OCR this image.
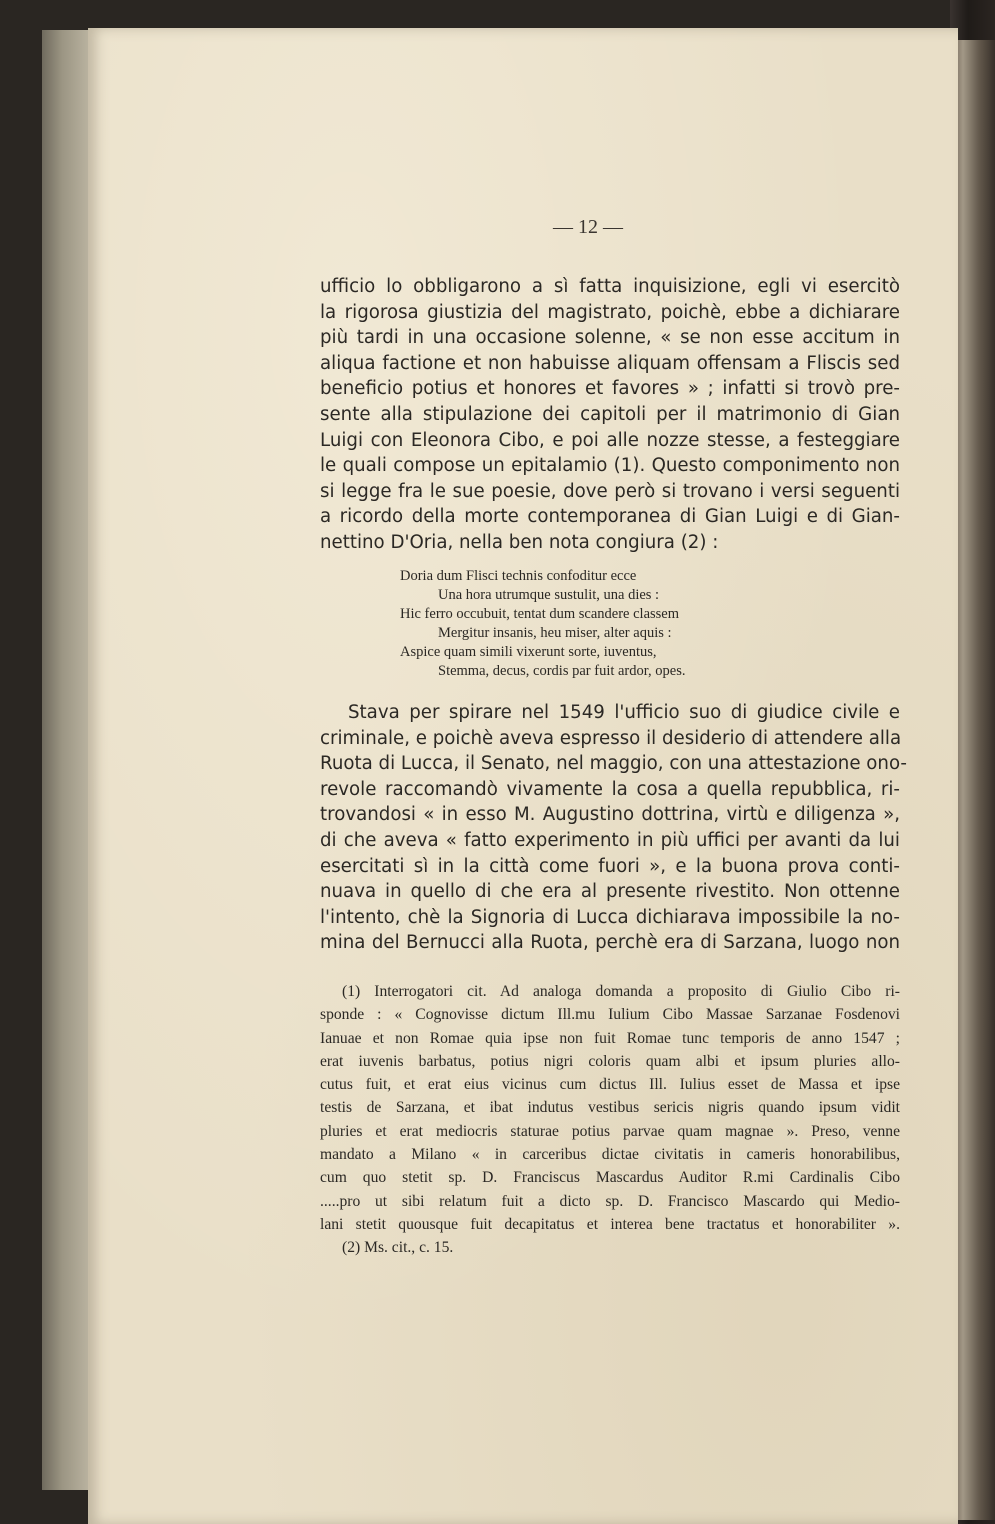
— 12 —
ufficio lo obbligarono a sì fatta inquisizione, egli vi esercitò
la rigorosa giustizia del magistrato, poichè, ebbe a dichiarare
più tardi in una occasione solenne, « se non esse accitum in
aliqua factione et non habuisse aliquam offensam a Fliscis sed
beneficio potius et honores et favores » ; infatti si trovò pre-
sente alla stipulazione dei capitoli per il matrimonio di Gian
Luigi con Eleonora Cibo, e poi alle nozze stesse, a festeggiare
le quali compose un epitalamio (1). Questo componimento non
si legge fra le sue poesie, dove però si trovano i versi seguenti
a ricordo della morte contemporanea di Gian Luigi e di Gian-
nettino D'Oria, nella ben nota congiura (2) :
Doria dum Flisci technis confoditur ecce
Una hora utrumque sustulit, una dies :
Hic ferro occubuit, tentat dum scandere classem
Mergitur insanis, heu miser, alter aquis :
Aspice quam simili vixerunt sorte, iuventus,
Stemma, decus, cordis par fuit ardor, opes.
Stava per spirare nel 1549 l'ufficio suo di giudice civile e
criminale, e poichè aveva espresso il desiderio di attendere alla
Ruota di Lucca, il Senato, nel maggio, con una attestazione ono-
revole raccomandò vivamente la cosa a quella repubblica, ri-
trovandosi « in esso M. Augustino dottrina, virtù e diligenza »,
di che aveva « fatto experimento in più uffici per avanti da lui
esercitati sì in la città come fuori », e la buona prova conti-
nuava in quello di che era al presente rivestito. Non ottenne
l'intento, chè la Signoria di Lucca dichiarava impossibile la no-
mina del Bernucci alla Ruota, perchè era di Sarzana, luogo non
(1) Interrogatori cit. Ad analoga domanda a proposito di Giulio Cibo ri-
sponde : « Cognovisse dictum Ill.mu Iulium Cibo Massae Sarzanae Fosdenovi
Ianuae et non Romae quia ipse non fuit Romae tunc temporis de anno 1547 ;
erat iuvenis barbatus, potius nigri coloris quam albi et ipsum pluries allo-
cutus fuit, et erat eius vicinus cum dictus Ill. Iulius esset de Massa et ipse
testis de Sarzana, et ibat indutus vestibus sericis nigris quando ipsum vidit
pluries et erat mediocris staturae potius parvae quam magnae ». Preso, venne
mandato a Milano « in carceribus dictae civitatis in cameris honorabilibus,
cum quo stetit sp. D. Franciscus Mascardus Auditor R.mi Cardinalis Cibo
.....pro ut sibi relatum fuit a dicto sp. D. Francisco Mascardo qui Medio-
lani stetit quousque fuit decapitatus et interea bene tractatus et honorabiliter ».
(2) Ms. cit., c. 15.
